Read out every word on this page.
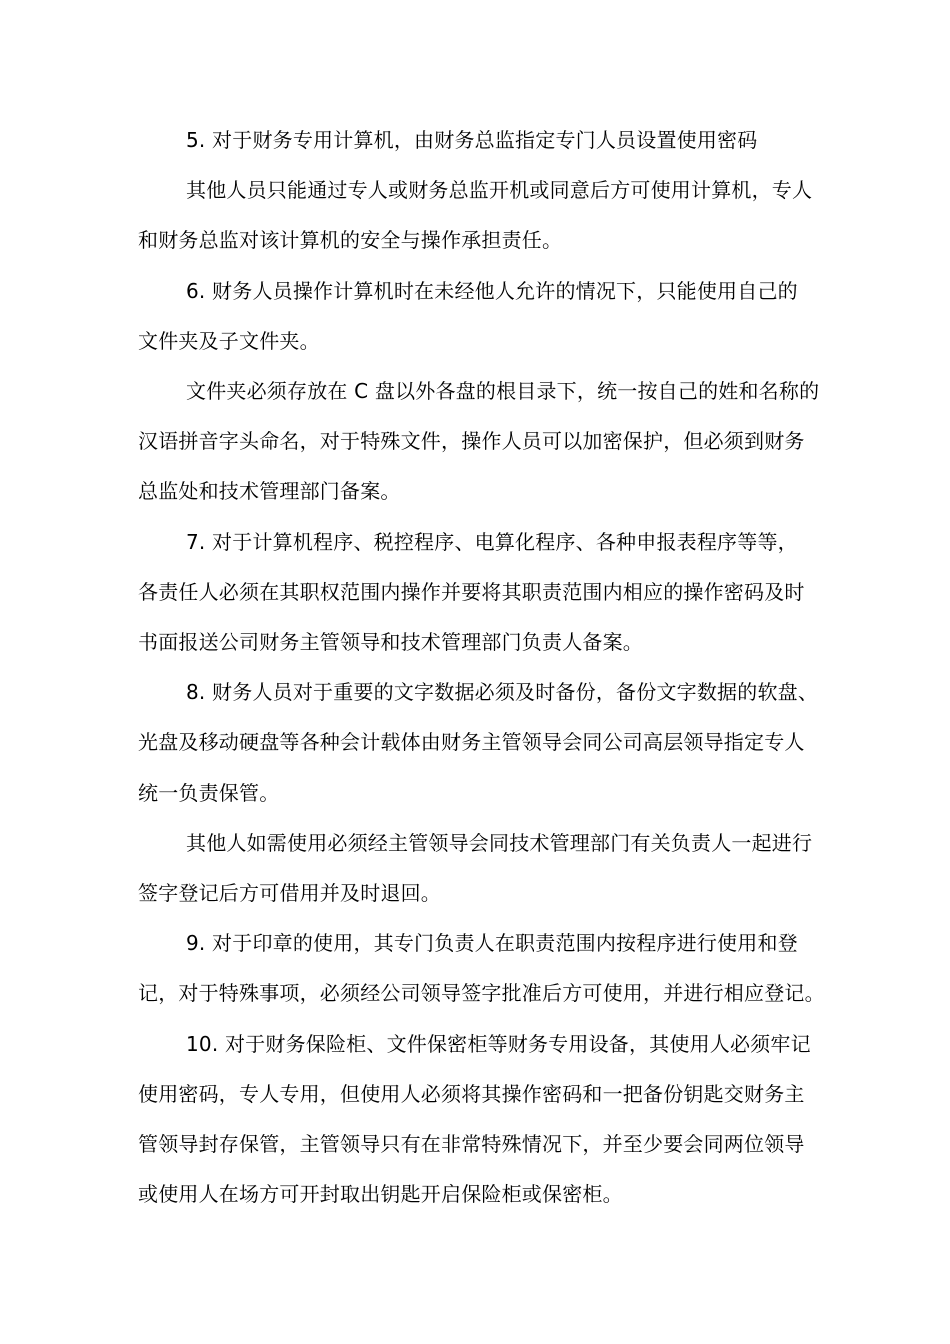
5. 对于财务专用计算机，由财务总监指定专门人员设置使用密码
其他人员只能通过专人或财务总监开机或同意后方可使用计算机，专人
和财务总监对该计算机的安全与操作承担责任。
6. 财务人员操作计算机时在未经他人允许的情况下，只能使用自己的
文件夹及子文件夹。
文件夹必须存放在 C 盘以外各盘的根目录下，统一按自己的姓和名称的
汉语拼音字头命名，对于特殊文件，操作人员可以加密保护，但必须到财务
总监处和技术管理部门备案。
7. 对于计算机程序、税控程序、电算化程序、各种申报表程序等等，
各责任人必须在其职权范围内操作并要将其职责范围内相应的操作密码及时
书面报送公司财务主管领导和技术管理部门负责人备案。
8. 财务人员对于重要的文字数据必须及时备份，备份文字数据的软盘、
光盘及移动硬盘等各种会计载体由财务主管领导会同公司高层领导指定专人
统一负责保管。
其他人如需使用必须经主管领导会同技术管理部门有关负责人一起进行
签字登记后方可借用并及时退回。
9. 对于印章的使用，其专门负责人在职责范围内按程序进行使用和登
记，对于特殊事项，必须经公司领导签字批准后方可使用，并进行相应登记。
10. 对于财务保险柜、文件保密柜等财务专用设备，其使用人必须牢记
使用密码，专人专用，但使用人必须将其操作密码和一把备份钥匙交财务主
管领导封存保管，主管领导只有在非常特殊情况下，并至少要会同两位领导
或使用人在场方可开封取出钥匙开启保险柜或保密柜。
